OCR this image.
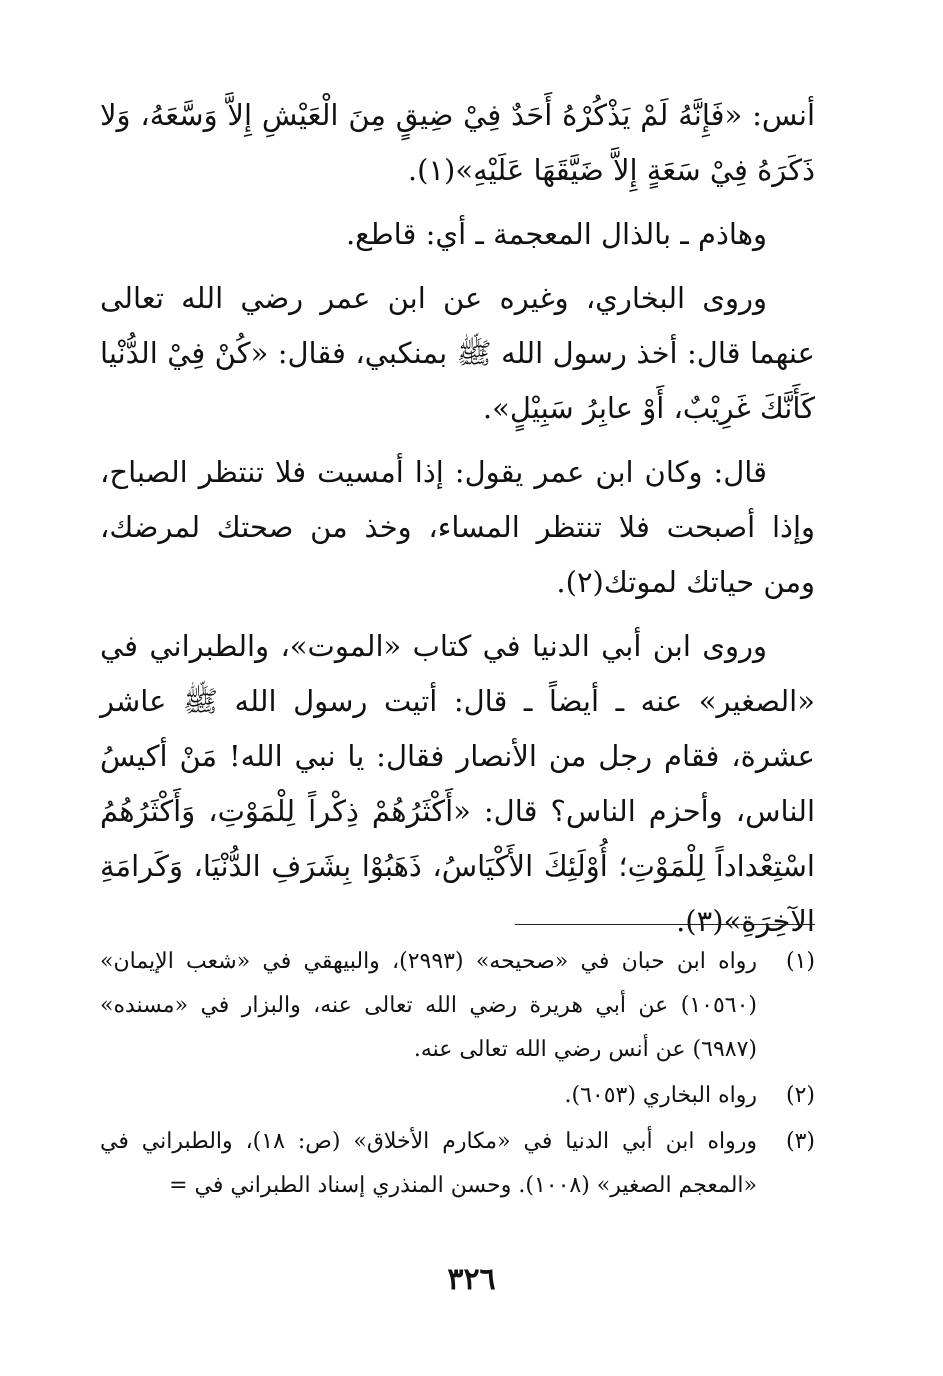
أنس: «فَإِنَّهُ لَمْ يَذْكُرْهُ أَحَدٌ فِيْ ضِيقٍ مِنَ الْعَيْشِ إِلاَّ وَسَّعَهُ، وَلا ذَكَرَهُ فِيْ سَعَةٍ إِلاَّ ضَيَّقَهَا عَلَيْهِ»(١).

وهاذم ـ بالذال المعجمة ـ أي: قاطع.

وروى البخاري، وغيره عن ابن عمر رضي الله تعالى عنهما قال: أخذ رسول الله ﷺ بمنكبي، فقال: «كُنْ فِيْ الدُّنْيا كَأَنَّكَ غَرِيْبٌ، أَوْ عابِرُ سَبِيْلٍ».

قال: وكان ابن عمر يقول: إذا أمسيت فلا تنتظر الصباح، وإذا أصبحت فلا تنتظر المساء، وخذ من صحتك لمرضك، ومن حياتك لموتك(٢).

وروى ابن أبي الدنيا في كتاب «الموت»، والطبراني في «الصغير» عنه ـ أيضاً ـ قال: أتيت رسول الله ﷺ عاشر عشرة، فقام رجل من الأنصار فقال: يا نبي الله! مَنْ أكيسُ الناس، وأحزم الناس؟ قال: «أَكْثَرُهُمْ ذِكْراً لِلْمَوْتِ، وَأَكْثَرُهُمُ اسْتِعْداداً لِلْمَوْتِ؛ أُوْلَئِكَ الأَكْيَاسُ، ذَهَبُوْا بِشَرَفِ الدُّنْيَا، وَكَرامَةِ الآخِرَةِ»(٣).

(١)
رواه ابن حبان في «صحيحه» (٢٩٩٣)، والبيهقي في «شعب الإيمان» (١٠٥٦٠) عن أبي هريرة رضي الله تعالى عنه، والبزار في «مسنده» (٦٩٨٧) عن أنس رضي الله تعالى عنه.
(٢)
رواه البخاري (٦٠٥٣).
(٣)
ورواه ابن أبي الدنيا في «مكارم الأخلاق» (ص: ١٨)، والطبراني في «المعجم الصغير» (١٠٠٨). وحسن المنذري إسناد الطبراني في =
٣٢٦
